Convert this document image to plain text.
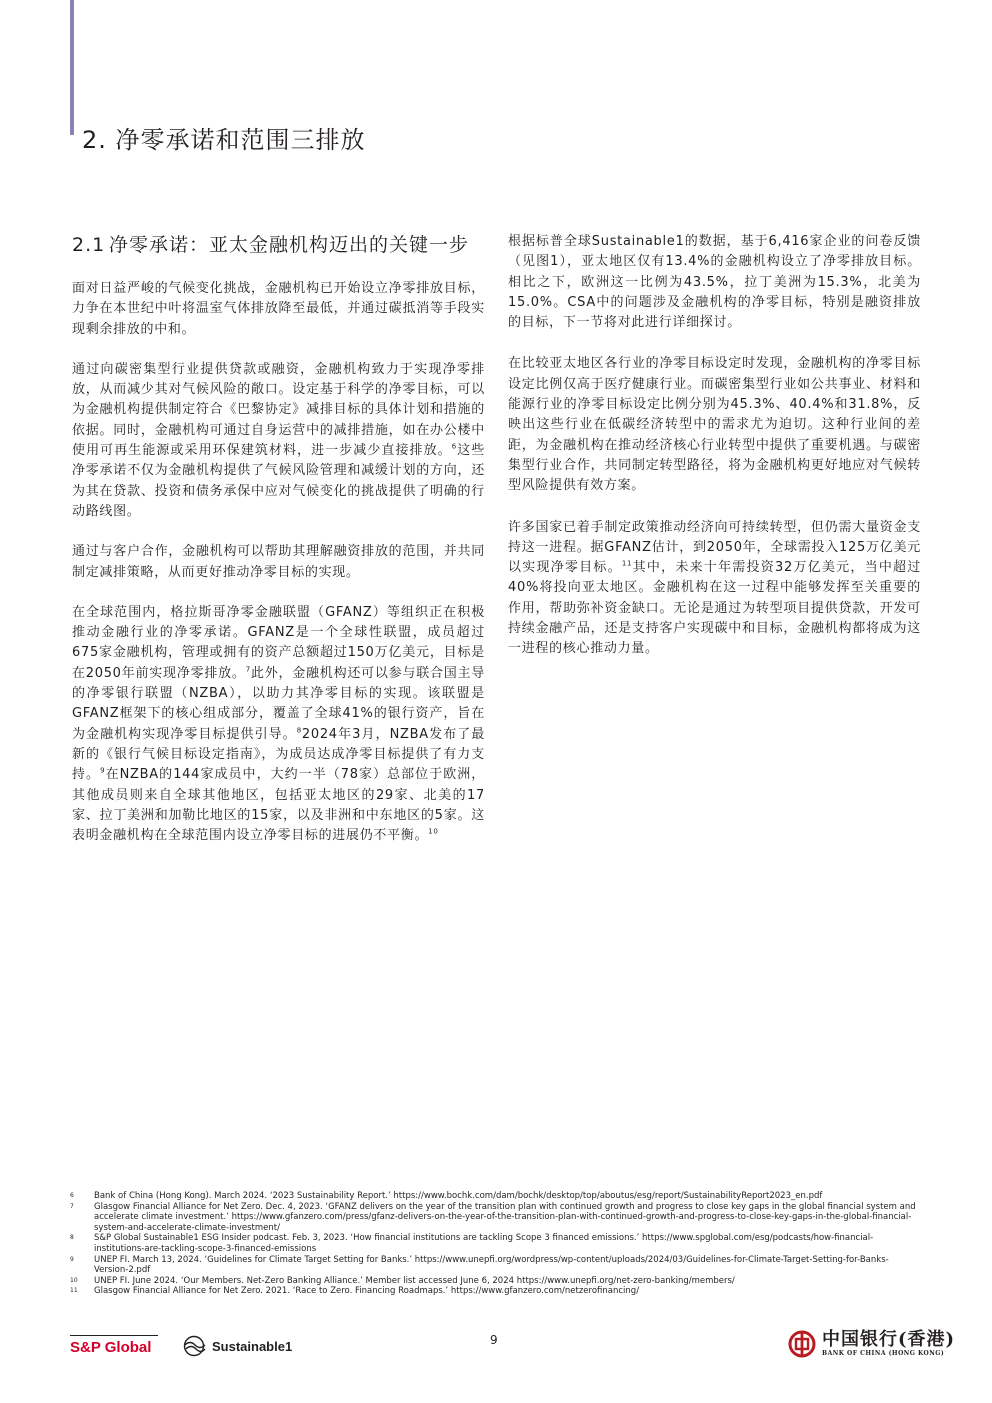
2. 净零承诺和范围三排放
2.1 净零承诺：亚太金融机构迈出的关键一步

面对日益严峻的气候变化挑战，金融机构已开始设立净零排放目标，力争在本世纪中叶将温室气体排放降至最低，并通过碳抵消等手段实现剩余排放的中和。

通过向碳密集型行业提供贷款或融资，金融机构致力于实现净零排放，从而减少其对气候风险的敞口。设定基于科学的净零目标，可以为金融机构提供制定符合《巴黎协定》减排目标的具体计划和措施的依据。同时，金融机构可通过自身运营中的减排措施，如在办公楼中使用可再生能源或采用环保建筑材料，进一步减少直接排放。$^6$这些净零承诺不仅为金融机构提供了气候风险管理和减缓计划的方向，还为其在贷款、投资和债务承保中应对气候变化的挑战提供了明确的行动路线图。

通过与客户合作，金融机构可以帮助其理解融资排放的范围，并共同制定减排策略，从而更好推动净零目标的实现。

在全球范围内，格拉斯哥净零金融联盟（GFANZ）等组织正在积极推动金融行业的净零承诺。GFANZ是一个全球性联盟，成员超过675家金融机构，管理或拥有的资产总额超过150万亿美元，目标是在2050年前实现净零排放。$^7$此外，金融机构还可以参与联合国主导的净零银行联盟（NZBA），以助力其净零目标的实现。该联盟是GFANZ框架下的核心组成部分，覆盖了全球41%的银行资产，旨在为金融机构实现净零目标提供引导。$^8$2024年3月，NZBA发布了最新的《银行气候目标设定指南》，为成员达成净零目标提供了有力支持。$^9$在NZBA的144家成员中，大约一半（78家）总部位于欧洲，其他成员则来自全球其他地区，包括亚太地区的29家、北美的17家、拉丁美洲和加勒比地区的15家，以及非洲和中东地区的5家。这表明金融机构在全球范围内设立净零目标的进展仍不平衡。$^{10}$

根据标普全球Sustainable1的数据，基于6,416家企业的问卷反馈（见图1），亚太地区仅有13.4%的金融机构设立了净零排放目标。相比之下，欧洲这一比例为43.5%，拉丁美洲为15.3%，北美为15.0%。CSA中的问题涉及金融机构的净零目标，特别是融资排放的目标，下一节将对此进行详细探讨。

在比较亚太地区各行业的净零目标设定时发现，金融机构的净零目标设定比例仅高于医疗健康行业。而碳密集型行业如公共事业、材料和能源行业的净零目标设定比例分别为45.3%、40.4%和31.8%，反映出这些行业在低碳经济转型中的需求尤为迫切。这种行业间的差距，为金融机构在推动经济核心行业转型中提供了重要机遇。与碳密集型行业合作，共同制定转型路径，将为金融机构更好地应对气候转型风险提供有效方案。

许多国家已着手制定政策推动经济向可持续转型，但仍需大量资金支持这一进程。据GFANZ估计，到2050年，全球需投入125万亿美元以实现净零目标。$^{11}$其中，未来十年需投资32万亿美元，当中超过40%将投向亚太地区。金融机构在这一过程中能够发挥至关重要的作用，帮助弥补资金缺口。无论是通过为转型项目提供贷款，开发可持续金融产品，还是支持客户实现碳中和目标，金融机构都将成为这一进程的核心推动力量。

6	Bank of China (Hong Kong). March 2024. ‘2023 Sustainability Report.’ https://www.bochk.com/dam/bochk/desktop/top/aboutus/esg/report/SustainabilityReport2023_en.pdf
7	Glasgow Financial Alliance for Net Zero. Dec. 4, 2023. ‘GFANZ delivers on the year of the transition plan with continued growth and progress to close key gaps in the global financial system and accelerate climate investment.’ https://www.gfanzero.com/press/gfanz-delivers-on-the-year-of-the-transition-plan-with-continued-growth-and-progress-to-close-key-gaps-in-the-global-financial-system-and-accelerate-climate-investment/
8	S&P Global Sustainable1 ESG Insider podcast. Feb. 3, 2023. ‘How financial institutions are tackling Scope 3 financed emissions.’ https://www.spglobal.com/esg/podcasts/how-financial-institutions-are-tackling-scope-3-financed-emissions
9	UNEP FI. March 13, 2024. ‘Guidelines for Climate Target Setting for Banks.’ https://www.unepfi.org/wordpress/wp-content/uploads/2024/03/Guidelines-for-Climate-Target-Setting-for-Banks-Version-2.pdf
10	UNEP FI. June 2024. ‘Our Members. Net-Zero Banking Alliance.’ Member list accessed June 6, 2024 https://www.unepfi.org/net-zero-banking/members/
11	Glasgow Financial Alliance for Net Zero. 2021. ‘Race to Zero. Financing Roadmaps.’ https://www.gfanzero.com/netzerofinancing/
S&P Global	Sustainable1	9	中国银行(香港)
BANK OF CHINA (HONG KONG)
